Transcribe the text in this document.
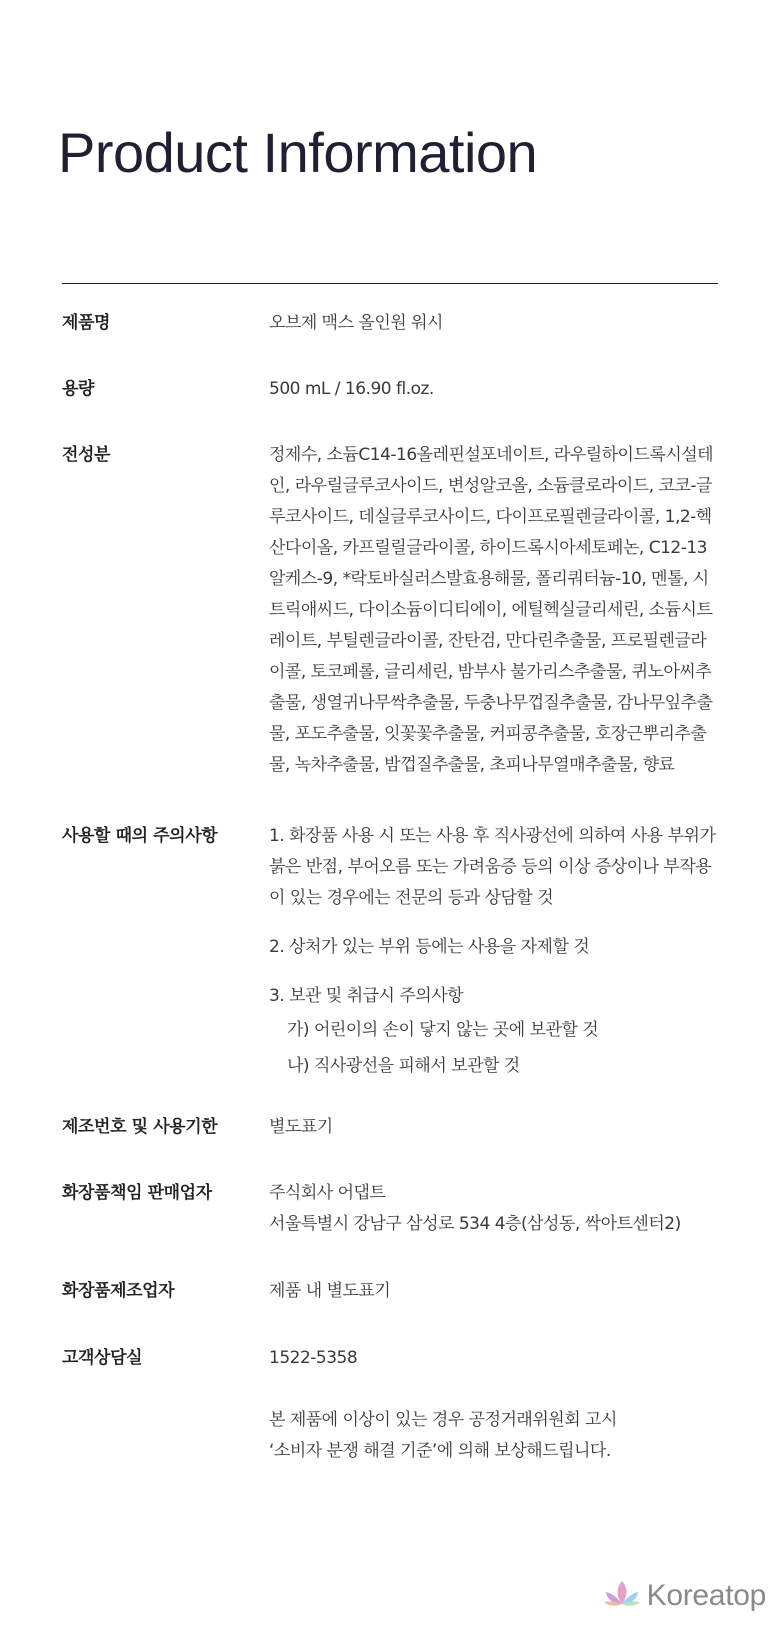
Product Information
제품명	오브제 맥스 올인원 워시
용량	500 mL / 16.90 fl.oz.
전성분	정제수, 소듐C14-16올레핀설포네이트, 라우릴하이드록시설테인, 라우릴글루코사이드, 변성알코올, 소듐클로라이드, 코코-글루코사이드, 데실글루코사이드, 다이프로필렌글라이콜, 1,2-헥산다이올, 카프릴릴글라이콜, 하이드록시아세토페논, C12-13알케스-9, *락토바실러스발효용해물, 폴리쿼터늄-10, 멘톨, 시트릭애씨드, 다이소듐이디티에이, 에틸헥실글리세린, 소듐시트레이트, 부틸렌글라이콜, 잔탄검, 만다린추출물, 프로필렌글라이콜, 토코페롤, 글리세린, 밤부사 불가리스추출물, 퀴노아씨추출물, 생열귀나무싹추출물, 두충나무껍질추출물, 감나무잎추출물, 포도추출물, 잇꽃꽃추출물, 커피콩추출물, 호장근뿌리추출물, 녹차추출물, 밤껍질추출물, 초피나무열매추출물, 향료
사용할 때의 주의사항	1. 화장품 사용 시 또는 사용 후 직사광선에 의하여 사용 부위가 붉은 반점, 부어오름 또는 가려움증 등의 이상 증상이나 부작용이 있는 경우에는 전문의 등과 상담할 것

2. 상처가 있는 부위 등에는 사용을 자제할 것

3. 보관 및 취급시 주의사항

가) 어린이의 손이 닿지 않는 곳에 보관할 것

나) 직사광선을 피해서 보관할 것

제조번호 및 사용기한	별도표기
화장품책임 판매업자	주식회사 어댑트

서울특별시 강남구 삼성로 534 4층(삼성동, 싹아트센터2)

화장품제조업자	제품 내 별도표기
고객상담실	1522-5358

본 제품에 이상이 있는 경우 공정거래위원회 고시

‘소비자 분쟁 해결 기준’에 의해 보상해드립니다.

Koreatop
